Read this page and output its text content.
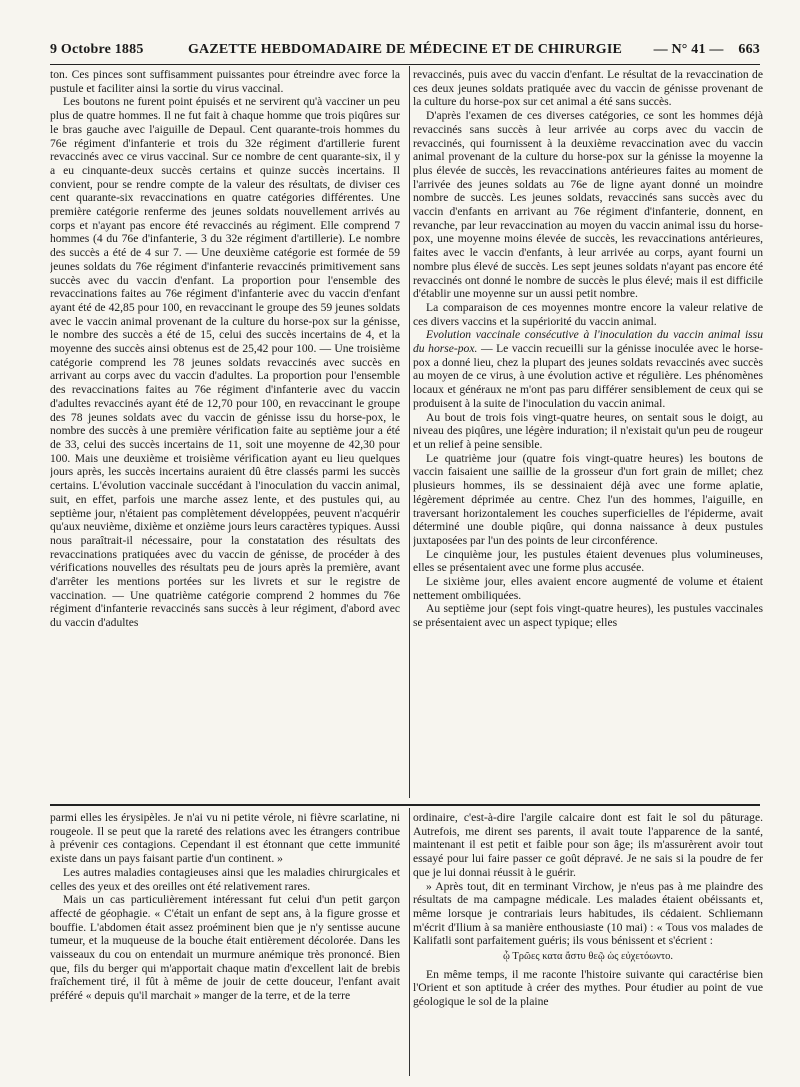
9 Octobre 1885	GAZETTE HEBDOMADAIRE DE MÉDECINE ET DE CHIRURGIE	— N° 41 — 663

ton. Ces pinces sont suffisamment puissantes pour étreindre avec force la pustule et faciliter ainsi la sortie du virus vaccinal.

Les boutons ne furent point épuisés et ne servirent qu'à vacciner un peu plus de quatre hommes. Il ne fut fait à chaque homme que trois piqûres sur le bras gauche avec l'aiguille de Depaul. Cent quarante-trois hommes du 76e régiment d'infanterie et trois du 32e régiment d'artillerie furent revaccinés avec ce virus vaccinal. Sur ce nombre de cent quarante-six, il y a eu cinquante-deux succès certains et quinze succès incertains. Il convient, pour se rendre compte de la valeur des résultats, de diviser ces cent quarante-six revaccinations en quatre catégories différentes. Une première catégorie renferme des jeunes soldats nouvellement arrivés au corps et n'ayant pas encore été revaccinés au régiment. Elle comprend 7 hommes (4 du 76e d'infanterie, 3 du 32e régiment d'artillerie). Le nombre des succès a été de 4 sur 7. — Une deuxième catégorie est formée de 59 jeunes soldats du 76e régiment d'infanterie revaccinés primitivement sans succès avec du vaccin d'enfant. La proportion pour l'ensemble des revaccinations faites au 76e régiment d'infanterie avec du vaccin d'enfant ayant été de 42,85 pour 100, en revaccinant le groupe des 59 jeunes soldats avec le vaccin animal provenant de la culture du horse-pox sur la génisse, le nombre des succès a été de 15, celui des succès incertains de 4, et la moyenne des succès ainsi obtenus est de 25,42 pour 100. — Une troisième catégorie comprend les 78 jeunes soldats revaccinés avec succès en arrivant au corps avec du vaccin d'adultes. La proportion pour l'ensemble des revaccinations faites au 76e régiment d'infanterie avec du vaccin d'adultes revaccinés ayant été de 12,70 pour 100, en revaccinant le groupe des 78 jeunes soldats avec du vaccin de génisse issu du horse-pox, le nombre des succès à une première vérification faite au septième jour a été de 33, celui des succès incertains de 11, soit une moyenne de 42,30 pour 100. Mais une deuxième et troisième vérification ayant eu lieu quelques jours après, les succès incertains auraient dû être classés parmi les succès certains. L'évolution vaccinale succédant à l'inoculation du vaccin animal, suit, en effet, parfois une marche assez lente, et des pustules qui, au septième jour, n'étaient pas complètement développées, peuvent n'acquérir qu'aux neuvième, dixième et onzième jours leurs caractères typiques. Aussi nous paraîtrait-il nécessaire, pour la constatation des résultats des revaccinations pratiquées avec du vaccin de génisse, de procéder à des vérifications nouvelles des résultats peu de jours après la première, avant d'arrêter les mentions portées sur les livrets et sur le registre de vaccination. — Une quatrième catégorie comprend 2 hommes du 76e régiment d'infanterie revaccinés sans succès à leur régiment, d'abord avec du vaccin d'adultes

revaccinés, puis avec du vaccin d'enfant. Le résultat de la revaccination de ces deux jeunes soldats pratiquée avec du vaccin de génisse provenant de la culture du horse-pox sur cet animal a été sans succès.

D'après l'examen de ces diverses catégories, ce sont les hommes déjà revaccinés sans succès à leur arrivée au corps avec du vaccin de revaccinés, qui fournissent à la deuxième revaccination avec du vaccin animal provenant de la culture du horse-pox sur la génisse la moyenne la plus élevée de succès, les revaccinations antérieures faites au moment de l'arrivée des jeunes soldats au 76e de ligne ayant donné un moindre nombre de succès. Les jeunes soldats, revaccinés sans succès avec du vaccin d'enfants en arrivant au 76e régiment d'infanterie, donnent, en revanche, par leur revaccination au moyen du vaccin animal issu du horse-pox, une moyenne moins élevée de succès, les revaccinations antérieures, faites avec le vaccin d'enfants, à leur arrivée au corps, ayant fourni un nombre plus élevé de succès. Les sept jeunes soldats n'ayant pas encore été revaccinés ont donné le nombre de succès le plus élevé; mais il est difficile d'établir une moyenne sur un aussi petit nombre.

La comparaison de ces moyennes montre encore la valeur relative de ces divers vaccins et la supériorité du vaccin animal.

Evolution vaccinale consécutive à l'inoculation du vaccin animal issu du horse-pox. — Le vaccin recueilli sur la génisse inoculée avec le horse-pox a donné lieu, chez la plupart des jeunes soldats revaccinés avec succès au moyen de ce virus, à une évolution active et régulière. Les phénomènes locaux et généraux ne m'ont pas paru différer sensiblement de ceux qui se produisent à la suite de l'inoculation du vaccin animal.

Au bout de trois fois vingt-quatre heures, on sentait sous le doigt, au niveau des piqûres, une légère induration; il n'existait qu'un peu de rougeur et un relief à peine sensible.

Le quatrième jour (quatre fois vingt-quatre heures) les boutons de vaccin faisaient une saillie de la grosseur d'un fort grain de millet; chez plusieurs hommes, ils se dessinaient déjà avec une forme aplatie, légèrement déprimée au centre. Chez l'un des hommes, l'aiguille, en traversant horizontalement les couches superficielles de l'épiderme, avait déterminé une double piqûre, qui donna naissance à deux pustules juxtaposées par l'un des points de leur circonférence.

Le cinquième jour, les pustules étaient devenues plus volumineuses, elles se présentaient avec une forme plus accusée.

Le sixième jour, elles avaient encore augmenté de volume et étaient nettement ombiliquées.

Au septième jour (sept fois vingt-quatre heures), les pustules vaccinales se présentaient avec un aspect typique; elles

parmi elles les érysipèles. Je n'ai vu ni petite vérole, ni fièvre scarlatine, ni rougeole. Il se peut que la rareté des relations avec les étrangers contribue à prévenir ces contagions. Cependant il est étonnant que cette immunité existe dans un pays faisant partie d'un continent. »

Les autres maladies contagieuses ainsi que les maladies chirurgicales et celles des yeux et des oreilles ont été relativement rares.

Mais un cas particulièrement intéressant fut celui d'un petit garçon affecté de géophagie. « C'était un enfant de sept ans, à la figure grosse et bouffie. L'abdomen était assez proéminent bien que je n'y sentisse aucune tumeur, et la muqueuse de la bouche était entièrement décolorée. Dans les vaisseaux du cou on entendait un murmure anémique très prononcé. Bien que, fils du berger qui m'apportait chaque matin d'excellent lait de brebis fraîchement tiré, il fût à même de jouir de cette douceur, l'enfant avait préféré « depuis qu'il marchait » manger de la terre, et de la terre

ordinaire, c'est-à-dire l'argile calcaire dont est fait le sol du pâturage. Autrefois, me dirent ses parents, il avait toute l'apparence de la santé, maintenant il est petit et faible pour son âge; ils m'assurèrent avoir tout essayé pour lui faire passer ce goût dépravé. Je ne sais si la poudre de fer que je lui donnai réussit à le guérir.

» Après tout, dit en terminant Virchow, je n'eus pas à me plaindre des résultats de ma campagne médicale. Les malades étaient obéissants et, même lorsque je contrariais leurs habitudes, ils cédaient. Schliemann m'écrit d'Ilium à sa manière enthousiaste (10 mai) : « Tous vos malades de Kalifatli sont parfaitement guéris; ils vous bénissent et s'écrient :

ᾧ Τρῶες κατα ἄστυ θεῷ ὡς εὐχετόωντο.

En même temps, il me raconte l'histoire suivante qui caractérise bien l'Orient et son aptitude à créer des mythes. Pour étudier au point de vue géologique le sol de la plaine
